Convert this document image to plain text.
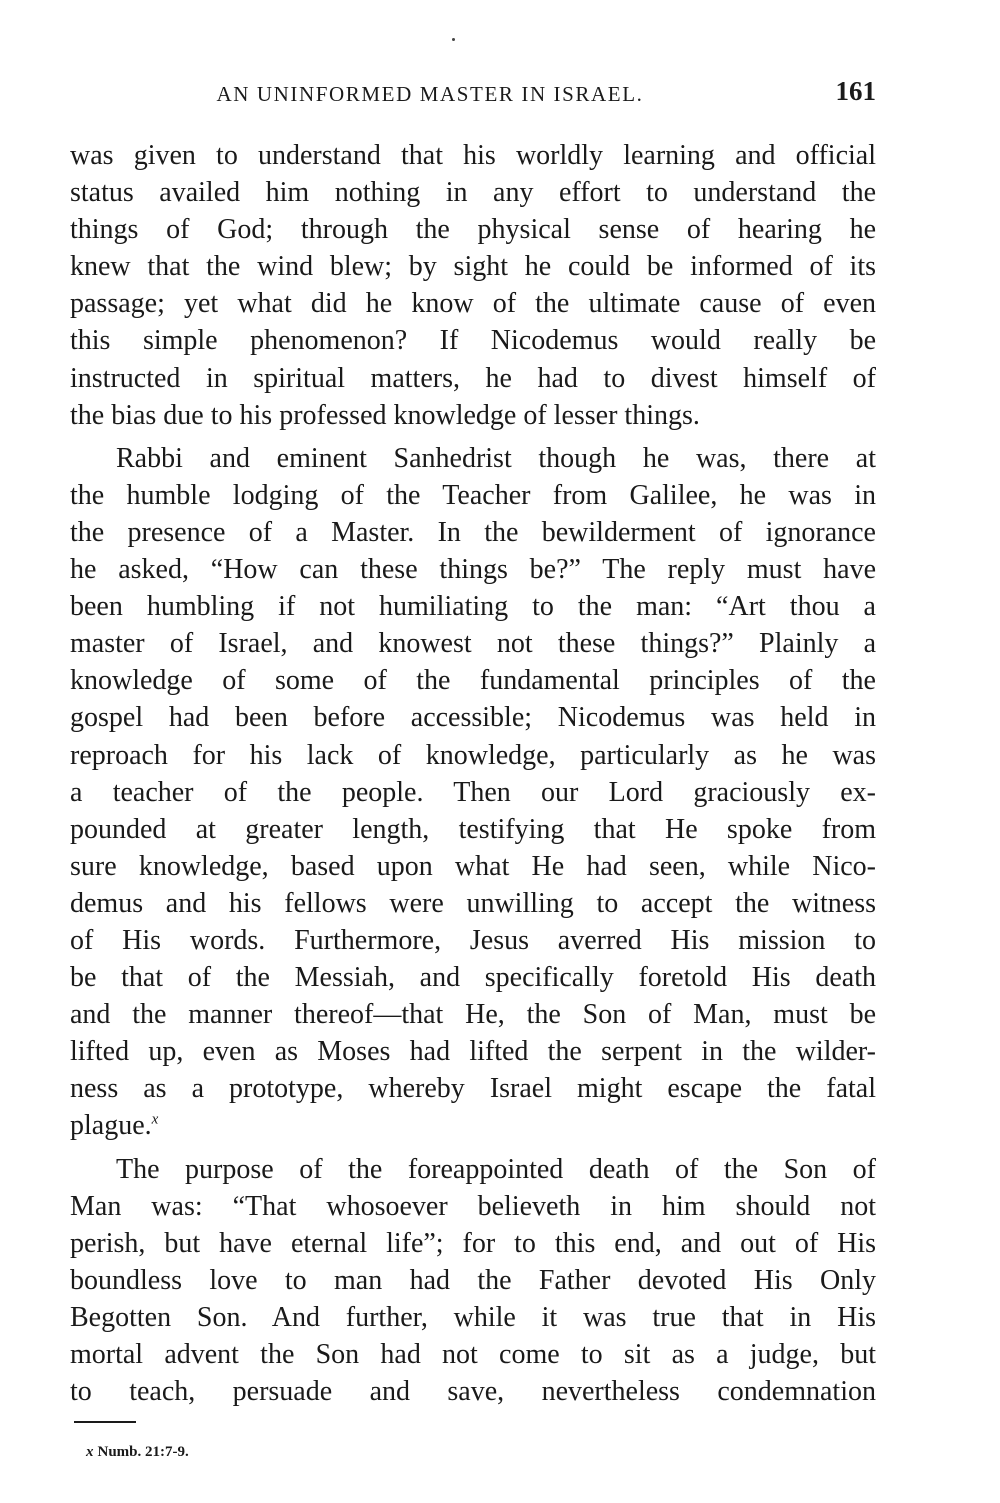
AN UNINFORMED MASTER IN ISRAEL.	161
was given to understand that his worldly learning and official
status availed him nothing in any effort to understand the
things of God; through the physical sense of hearing he
knew that the wind blew; by sight he could be informed of its
passage; yet what did he know of the ultimate cause of even
this simple phenomenon? If Nicodemus would really be
instructed in spiritual matters, he had to divest himself of
the bias due to his professed knowledge of lesser things.
Rabbi and eminent Sanhedrist though he was, there at
the humble lodging of the Teacher from Galilee, he was in
the presence of a Master. In the bewilderment of ignorance
he asked, “How can these things be?” The reply must have
been humbling if not humiliating to the man: “Art thou a
master of Israel, and knowest not these things?” Plainly a
knowledge of some of the fundamental principles of the
gospel had been before accessible; Nicodemus was held in
reproach for his lack of knowledge, particularly as he was
a teacher of the people. Then our Lord graciously ex-
pounded at greater length, testifying that He spoke from
sure knowledge, based upon what He had seen, while Nico-
demus and his fellows were unwilling to accept the witness
of His words. Furthermore, Jesus averred His mission to
be that of the Messiah, and specifically foretold His death
and the manner thereof—that He, the Son of Man, must be
lifted up, even as Moses had lifted the serpent in the wilder-
ness as a prototype, whereby Israel might escape the fatal
plague.$^x$
The purpose of the foreappointed death of the Son of
Man was: “That whosoever believeth in him should not
perish, but have eternal life”; for to this end, and out of His
boundless love to man had the Father devoted His Only
Begotten Son. And further, while it was true that in His
mortal advent the Son had not come to sit as a judge, but
to teach, persuade and save, nevertheless condemnation
x Numb. 21:7-9.
